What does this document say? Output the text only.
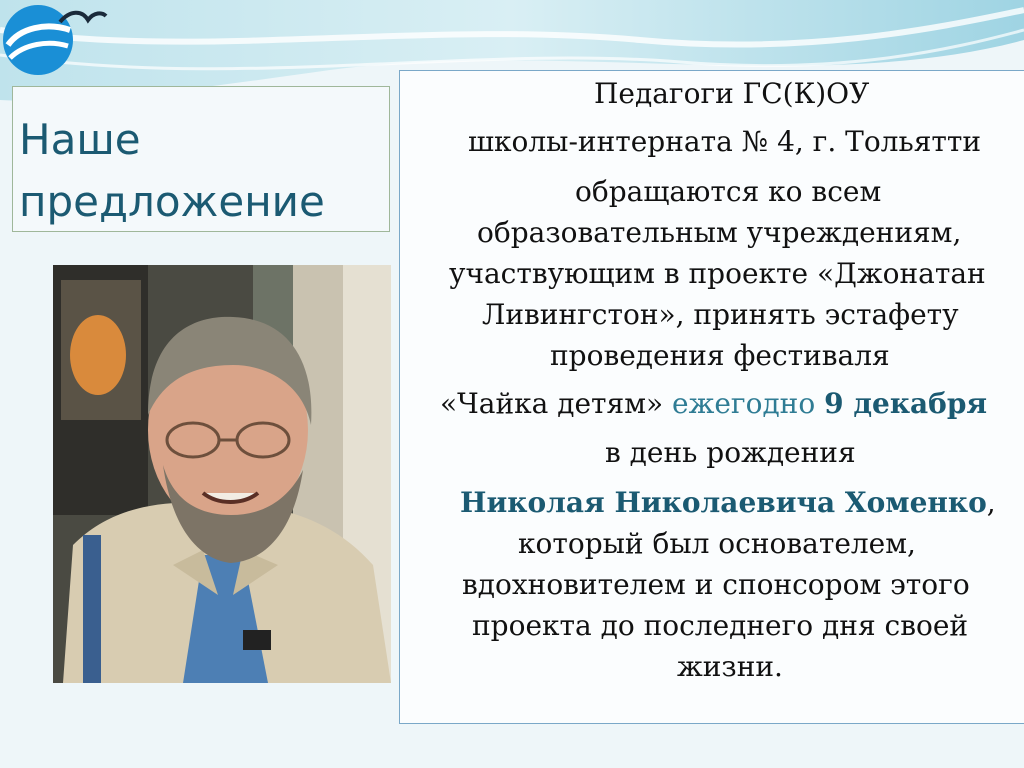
Наше
предложение

Педагоги ГС(К)ОУ

школы-интерната № 4, г. Тольятти

обращаются ко всем

образовательным учреждениям,

участвующим в проекте «Джонатан

Ливингстон», принять эстафету

проведения фестиваля

«Чайка детям» ежегодно 9 декабря

в день рождения

Николая Николаевича Хоменко,

который был основателем,

вдохновителем и спонсором этого

проекта до последнего дня своей

жизни.
